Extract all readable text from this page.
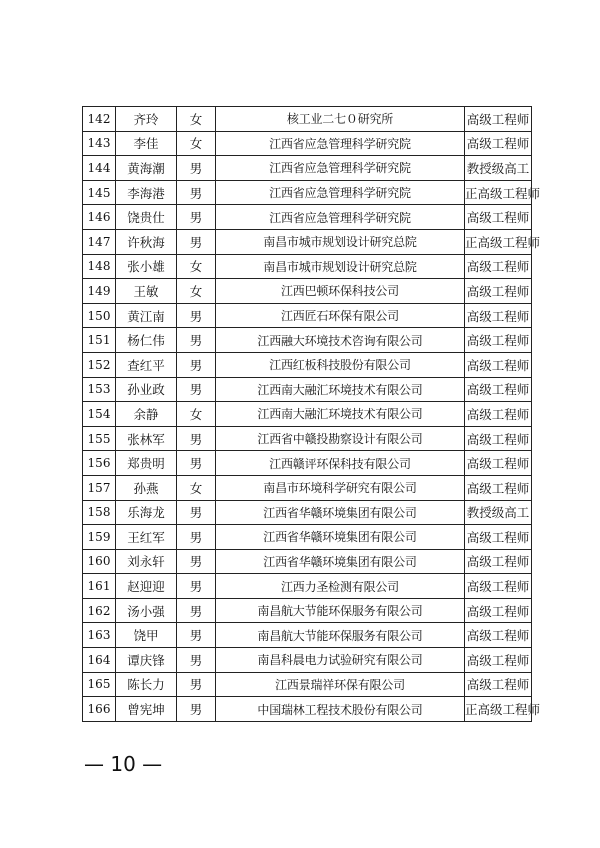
142	齐玲	女	核工业二七０研究所	高级工程师
143	李佳	女	江西省应急管理科学研究院	高级工程师
144	黄海潮	男	江西省应急管理科学研究院	教授级高工
145	李海港	男	江西省应急管理科学研究院	正高级工程师
146	饶贵仕	男	江西省应急管理科学研究院	高级工程师
147	许秋海	男	南昌市城市规划设计研究总院	正高级工程师
148	张小雄	女	南昌市城市规划设计研究总院	高级工程师
149	王敏	女	江西巴顿环保科技公司	高级工程师
150	黄江南	男	江西匠石环保有限公司	高级工程师
151	杨仁伟	男	江西融大环境技术咨询有限公司	高级工程师
152	查红平	男	江西红板科技股份有限公司	高级工程师
153	孙业政	男	江西南大融汇环境技术有限公司	高级工程师
154	余静	女	江西南大融汇环境技术有限公司	高级工程师
155	张林军	男	江西省中赣投勘察设计有限公司	高级工程师
156	郑贵明	男	江西赣评环保科技有限公司	高级工程师
157	孙燕	女	南昌市环境科学研究有限公司	高级工程师
158	乐海龙	男	江西省华赣环境集团有限公司	教授级高工
159	王红军	男	江西省华赣环境集团有限公司	高级工程师
160	刘永轩	男	江西省华赣环境集团有限公司	高级工程师
161	赵迎迎	男	江西力圣检测有限公司	高级工程师
162	汤小强	男	南昌航大节能环保服务有限公司	高级工程师
163	饶甲	男	南昌航大节能环保服务有限公司	高级工程师
164	谭庆锋	男	南昌科晨电力试验研究有限公司	高级工程师
165	陈长力	男	江西景瑞祥环保有限公司	高级工程师
166	曾宪坤	男	中国瑞林工程技术股份有限公司	正高级工程师
— 10 —
